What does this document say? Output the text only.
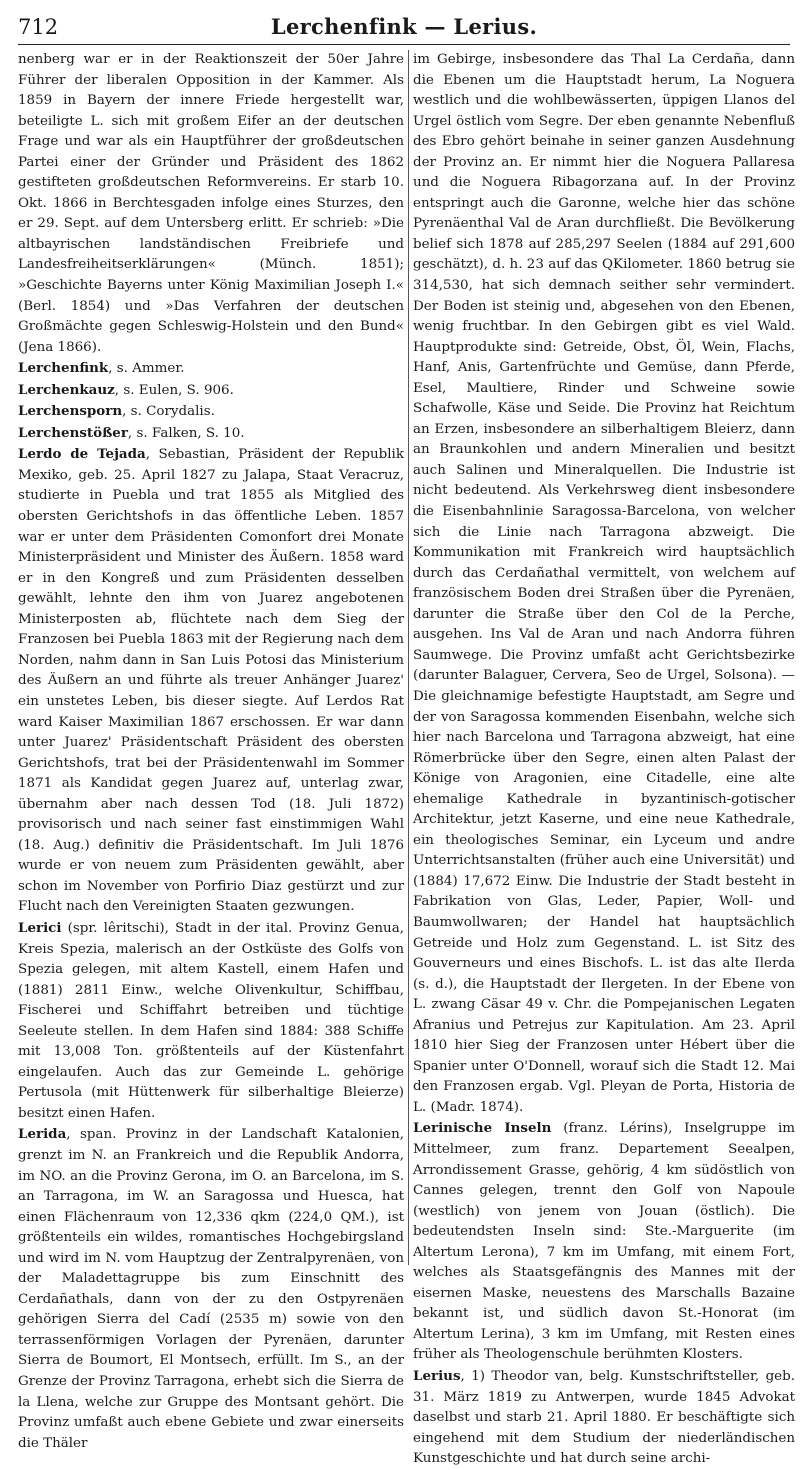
712	Lerchenfink — Lerius.

nenberg war er in der Reaktionszeit der 50er Jahre Führer der liberalen Opposition in der Kammer. Als 1859 in Bayern der innere Friede hergestellt war, beteiligte L. sich mit großem Eifer an der deutschen Frage und war als ein Hauptführer der großdeutschen Partei einer der Gründer und Präsident des 1862 gestifteten großdeutschen Reformvereins. Er starb 10. Okt. 1866 in Berchtesgaden infolge eines Sturzes, den er 29. Sept. auf dem Untersberg erlitt. Er schrieb: »Die altbayrischen landständischen Freibriefe und Landesfreiheitserklärungen« (Münch. 1851); »Geschichte Bayerns unter König Maximilian Joseph I.« (Berl. 1854) und »Das Verfahren der deutschen Großmächte gegen Schleswig-Holstein und den Bund« (Jena 1866).

Lerchenfink, s. Ammer.

Lerchenkauz, s. Eulen, S. 906.

Lerchensporn, s. Corydalis.

Lerchenstößer, s. Falken, S. 10.

Lerdo de Tejada, Sebastian, Präsident der Republik Mexiko, geb. 25. April 1827 zu Jalapa, Staat Veracruz, studierte in Puebla und trat 1855 als Mitglied des obersten Gerichtshofs in das öffentliche Leben. 1857 war er unter dem Präsidenten Comonfort drei Monate Ministerpräsident und Minister des Äußern. 1858 ward er in den Kongreß und zum Präsidenten desselben gewählt, lehnte den ihm von Juarez angebotenen Ministerposten ab, flüchtete nach dem Sieg der Franzosen bei Puebla 1863 mit der Regierung nach dem Norden, nahm dann in San Luis Potosi das Ministerium des Äußern an und führte als treuer Anhänger Juarez' ein unstetes Leben, bis dieser siegte. Auf Lerdos Rat ward Kaiser Maximilian 1867 erschossen. Er war dann unter Juarez' Präsidentschaft Präsident des obersten Gerichtshofs, trat bei der Präsidentenwahl im Sommer 1871 als Kandidat gegen Juarez auf, unterlag zwar, übernahm aber nach dessen Tod (18. Juli 1872) provisorisch und nach seiner fast einstimmigen Wahl (18. Aug.) definitiv die Präsidentschaft. Im Juli 1876 wurde er von neuem zum Präsidenten gewählt, aber schon im November von Porfirio Diaz gestürzt und zur Flucht nach den Vereinigten Staaten gezwungen.

Lerici (spr. lêritschi), Stadt in der ital. Provinz Genua, Kreis Spezia, malerisch an der Ostküste des Golfs von Spezia gelegen, mit altem Kastell, einem Hafen und (1881) 2811 Einw., welche Olivenkultur, Schiffbau, Fischerei und Schiffahrt betreiben und tüchtige Seeleute stellen. In dem Hafen sind 1884: 388 Schiffe mit 13,008 Ton. größtenteils auf der Küstenfahrt eingelaufen. Auch das zur Gemeinde L. gehörige Pertusola (mit Hüttenwerk für silberhaltige Bleierze) besitzt einen Hafen.

Lerida, span. Provinz in der Landschaft Katalonien, grenzt im N. an Frankreich und die Republik Andorra, im NO. an die Provinz Gerona, im O. an Barcelona, im S. an Tarragona, im W. an Saragossa und Huesca, hat einen Flächenraum von 12,336 qkm (224,0 QM.), ist größtenteils ein wildes, romantisches Hochgebirgsland und wird im N. vom Hauptzug der Zentralpyrenäen, von der Maladettagruppe bis zum Einschnitt des Cerdañathals, dann von der zu den Ostpyrenäen gehörigen Sierra del Cadí (2535 m) sowie von den terrassenförmigen Vorlagen der Pyrenäen, darunter Sierra de Boumort, El Montsech, erfüllt. Im S., an der Grenze der Provinz Tarragona, erhebt sich die Sierra de la Llena, welche zur Gruppe des Montsant gehört. Die Provinz umfaßt auch ebene Gebiete und zwar einerseits die Thäler

im Gebirge, insbesondere das Thal La Cerdaña, dann die Ebenen um die Hauptstadt herum, La Noguera westlich und die wohlbewässerten, üppigen Llanos del Urgel östlich vom Segre. Der eben genannte Nebenfluß des Ebro gehört beinahe in seiner ganzen Ausdehnung der Provinz an. Er nimmt hier die Noguera Pallaresa und die Noguera Ribagorzana auf. In der Provinz entspringt auch die Garonne, welche hier das schöne Pyrenäenthal Val de Aran durchfließt. Die Bevölkerung belief sich 1878 auf 285,297 Seelen (1884 auf 291,600 geschätzt), d. h. 23 auf das QKilometer. 1860 betrug sie 314,530, hat sich demnach seither sehr vermindert. Der Boden ist steinig und, abgesehen von den Ebenen, wenig fruchtbar. In den Gebirgen gibt es viel Wald. Hauptprodukte sind: Getreide, Obst, Öl, Wein, Flachs, Hanf, Anis, Gartenfrüchte und Gemüse, dann Pferde, Esel, Maultiere, Rinder und Schweine sowie Schafwolle, Käse und Seide. Die Provinz hat Reichtum an Erzen, insbesondere an silberhaltigem Bleierz, dann an Braunkohlen und andern Mineralien und besitzt auch Salinen und Mineralquellen. Die Industrie ist nicht bedeutend. Als Verkehrsweg dient insbesondere die Eisenbahnlinie Saragossa-Barcelona, von welcher sich die Linie nach Tarragona abzweigt. Die Kommunikation mit Frankreich wird hauptsächlich durch das Cerdañathal vermittelt, von welchem auf französischem Boden drei Straßen über die Pyrenäen, darunter die Straße über den Col de la Perche, ausgehen. Ins Val de Aran und nach Andorra führen Saumwege. Die Provinz umfaßt acht Gerichtsbezirke (darunter Balaguer, Cervera, Seo de Urgel, Solsona). — Die gleichnamige befestigte Hauptstadt, am Segre und der von Saragossa kommenden Eisenbahn, welche sich hier nach Barcelona und Tarragona abzweigt, hat eine Römerbrücke über den Segre, einen alten Palast der Könige von Aragonien, eine Citadelle, eine alte ehemalige Kathedrale in byzantinisch-gotischer Architektur, jetzt Kaserne, und eine neue Kathedrale, ein theologisches Seminar, ein Lyceum und andre Unterrichtsanstalten (früher auch eine Universität) und (1884) 17,672 Einw. Die Industrie der Stadt besteht in Fabrikation von Glas, Leder, Papier, Woll- und Baumwollwaren; der Handel hat hauptsächlich Getreide und Holz zum Gegenstand. L. ist Sitz des Gouverneurs und eines Bischofs. L. ist das alte Ilerda (s. d.), die Hauptstadt der Ilergeten. In der Ebene von L. zwang Cäsar 49 v. Chr. die Pompejanischen Legaten Afranius und Petrejus zur Kapitulation. Am 23. April 1810 hier Sieg der Franzosen unter Hébert über die Spanier unter O'Donnell, worauf sich die Stadt 12. Mai den Franzosen ergab. Vgl. Pleyan de Porta, Historia de L. (Madr. 1874).

Lerinische Inseln (franz. Lérins), Inselgruppe im Mittelmeer, zum franz. Departement Seealpen, Arrondissement Grasse, gehörig, 4 km südöstlich von Cannes gelegen, trennt den Golf von Napoule (westlich) von jenem von Jouan (östlich). Die bedeutendsten Inseln sind: Ste.-Marguerite (im Altertum Lerona), 7 km im Umfang, mit einem Fort, welches als Staatsgefängnis des Mannes mit der eisernen Maske, neuestens des Marschalls Bazaine bekannt ist, und südlich davon St.-Honorat (im Altertum Lerina), 3 km im Umfang, mit Resten eines früher als Theologenschule berühmten Klosters.

Lerius, 1) Theodor van, belg. Kunstschriftsteller, geb. 31. März 1819 zu Antwerpen, wurde 1845 Advokat daselbst und starb 21. April 1880. Er beschäftigte sich eingehend mit dem Studium der niederländischen Kunstgeschichte und hat durch seine archi-
